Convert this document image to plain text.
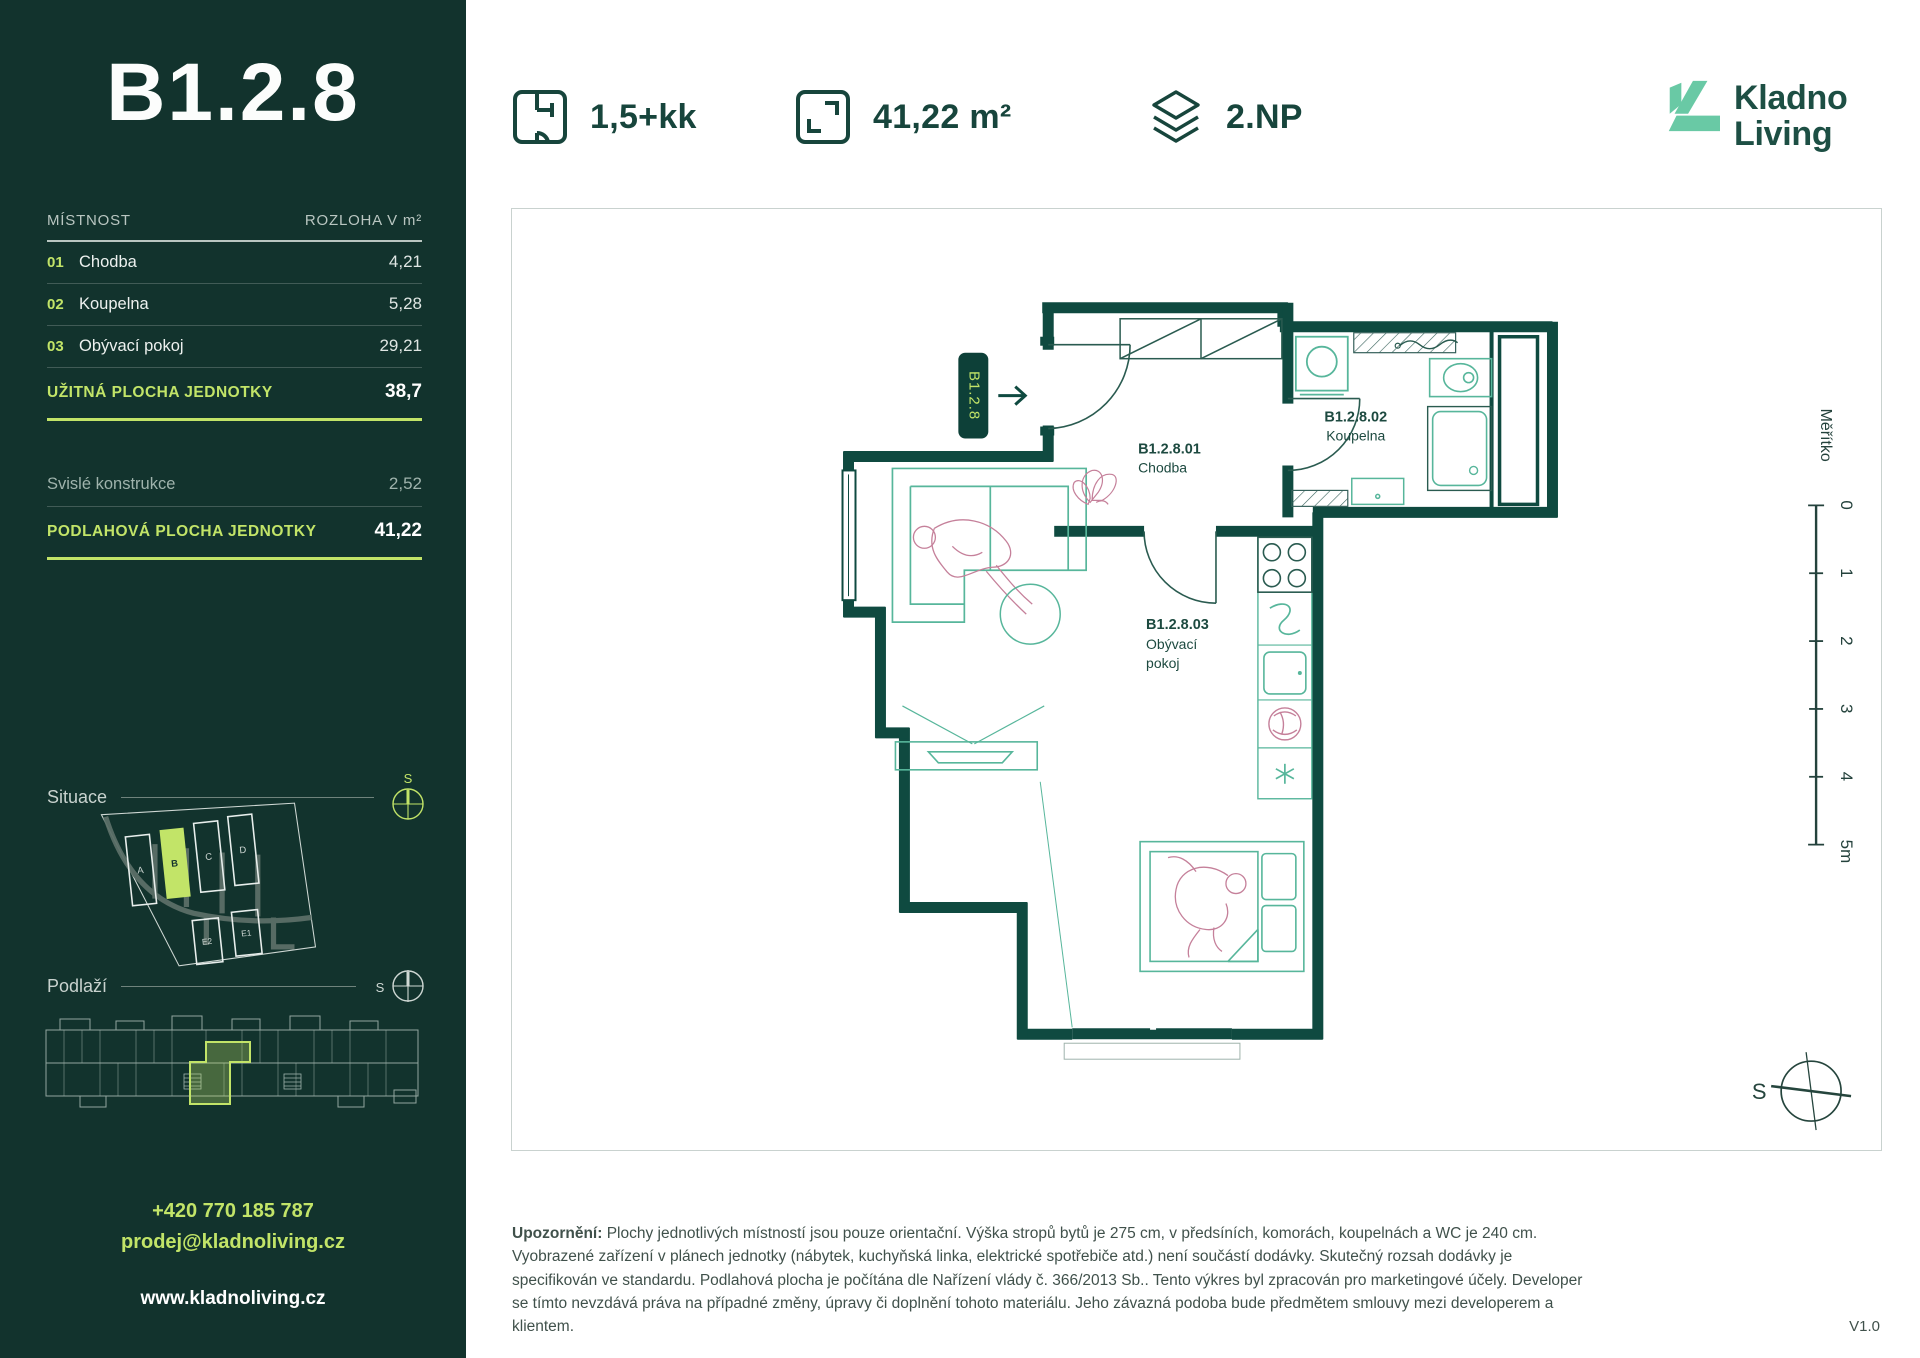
B1.2.8
MÍSTNOST	ROZLOHA V m²
01 Chodba	4,21
02 Koupelna	5,28
03 Obývací pokoj	29,21
UŽITNÁ PLOCHA JEDNOTKY	38,7
Svislé konstrukce	2,52
PODLAHOVÁ PLOCHA JEDNOTKY	41,22
Situace
S
A
B
C
D
E2
E1
Podlaží	S
+420 770 185 787
prodej@kladnoliving.cz
www.kladnoliving.cz
1,5+kk	41,22 m²	2.NP	Kladno
Living
B1.2.8
B1.2.8.01
Chodba
B1.2.8.02
Koupelna
B1.2.8.03
Obývací
pokoj
Měřítko
0
1
2
3
4
5m
S
Upozornění: Plochy jednotlivých místností jsou pouze orientační. Výška stropů bytů je 275 cm, v předsíních, komorách, koupelnách a WC je 240 cm. Vyobrazené zařízení v plánech jednotky (nábytek, kuchyňská linka, elektrické spotřebiče atd.) není součástí dodávky. Skutečný rozsah dodávky je specifikován ve standardu. Podlahová plocha je počítána dle Nařízení vlády č. 366/2013 Sb.. Tento výkres byl zpracován pro marketingové účely. Developer se tímto nevzdává práva na případné změny, úpravy či doplnění tohoto materiálu. Jeho závazná podoba bude předmětem smlouvy mezi developerem a klientem.	V1.0
